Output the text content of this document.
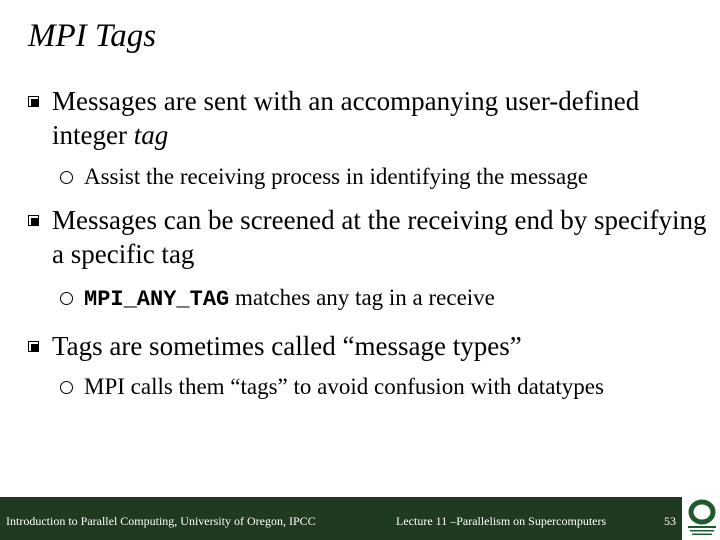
MPI Tags
Messages are sent with an accompanying user-defined integer tag
Assist the receiving process in identifying the message
Messages can be screened at the receiving end by specifying a specific tag
MPI_ANY_TAG matches any tag in a receive
Tags are sometimes called “message types”
MPI calls them “tags” to avoid confusion with datatypes
Introduction to Parallel Computing, University of Oregon, IPCC	Lecture 11 –Parallelism on Supercomputers	53
